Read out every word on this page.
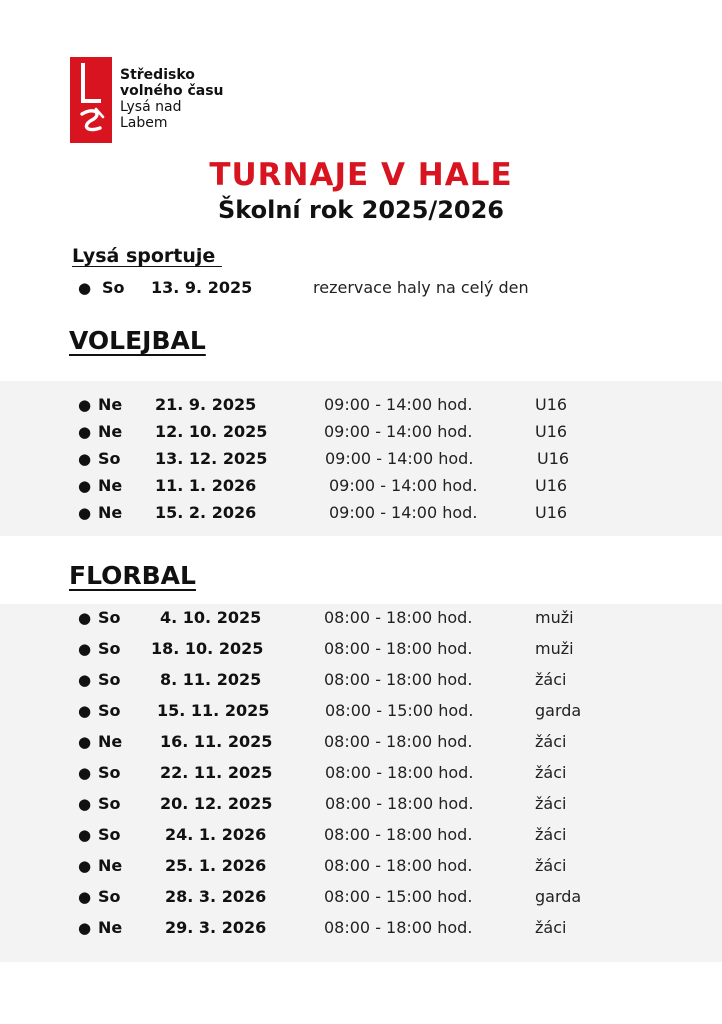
Středisko
volného času
Lysá nad
Labem
TURNAJE V HALE
Školní rok 2025/2026
Lysá sportuje
● So 13. 9. 2025	rezervace haly na celý den
VOLEJBAL
● Ne 21. 9. 2025	09:00 - 14:00 hod.	U16
● Ne 12. 10. 2025	09:00 - 14:00 hod.	U16
● So 13. 12. 2025	09:00 - 14:00 hod.	U16
● Ne 11. 1. 2026	09:00 - 14:00 hod.	U16
● Ne 15. 2. 2026	09:00 - 14:00 hod.	U16
FLORBAL
● So 4. 10. 2025	08:00 - 18:00 hod.	muži
● So 18. 10. 2025	08:00 - 18:00 hod.	muži
● So 8. 11. 2025	08:00 - 18:00 hod.	žáci
● So 15. 11. 2025	08:00 - 15:00 hod.	garda
● Ne 16. 11. 2025	08:00 - 18:00 hod.	žáci
● So 22. 11. 2025	08:00 - 18:00 hod.	žáci
● So 20. 12. 2025	08:00 - 18:00 hod.	žáci
● So	24. 1. 2026	08:00 - 18:00 hod.	žáci
● Ne	25. 1. 2026	08:00 - 18:00 hod.	žáci
● So	28. 3. 2026	08:00 - 15:00 hod.	garda
● Ne	29. 3. 2026	08:00 - 18:00 hod.	žáci
